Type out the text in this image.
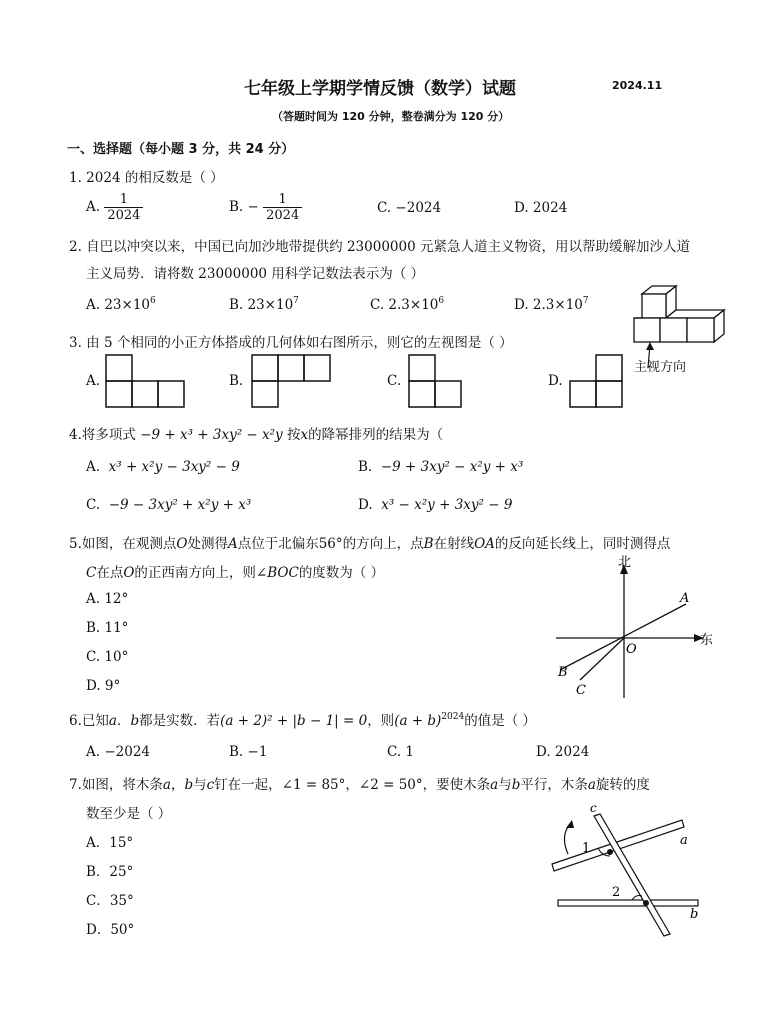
七年级上学期学情反馈（数学）试题	2024.11
（答题时间为 120 分钟，整卷满分为 120 分）
一、选择题（每小题 3 分，共 24 分）
1. 2024 的相反数是（ ）
A. $\frac{1}{2024}$	B. − $\frac{1}{2024}$	C. −2024	D. 2024
2. 自巴以冲突以来，中国已向加沙地带提供约 23000000 元紧急人道主义物资，用以帮助缓解加沙人道
主义局势．请将数 23000000 用科学记数法表示为（ ）
A. $23\times 10^6$	B. $23\times 10^7$	C. $2.3\times 10^6$	D. $2.3\times 10^7$
3. 由 5 个相同的小正方体搭成的几何体如右图所示，则它的左视图是（ ）
A.	B.	C.	D.
主视方向
4.将多项式 −9 + x³ + 3xy² − x²y 按x的降幂排列的结果为（
A. x³ + x²y − 3xy² − 9	B. −9 + 3xy² − x²y + x³
C. −9 − 3xy² + x²y + x³	D. x³ − x²y + 3xy² − 9
5.如图，在观测点O处测得A点位于北偏东56°的方向上，点B在射线OA的反向延长线上，同时测得点
C在点O的正西南方向上，则∠BOC的度数为（ ）
A. 12°
B. 11°
C. 10°
D. 9°
北
东
A
O
B
C
6.已知a．b都是实数．若(a + 2)² + |b − 1| = 0，则$(a + b)^{2024}$的值是（ ）
A. −2024	B. −1	C. 1	D. 2024
7.如图，将木条a，b与c钉在一起，∠1 = 85°，∠2 = 50°，要使木条a与b平行，木条a旋转的度
数至少是（ ）
A．15°
B．25°
C．35°
D．50°
1
2
c
a
b
